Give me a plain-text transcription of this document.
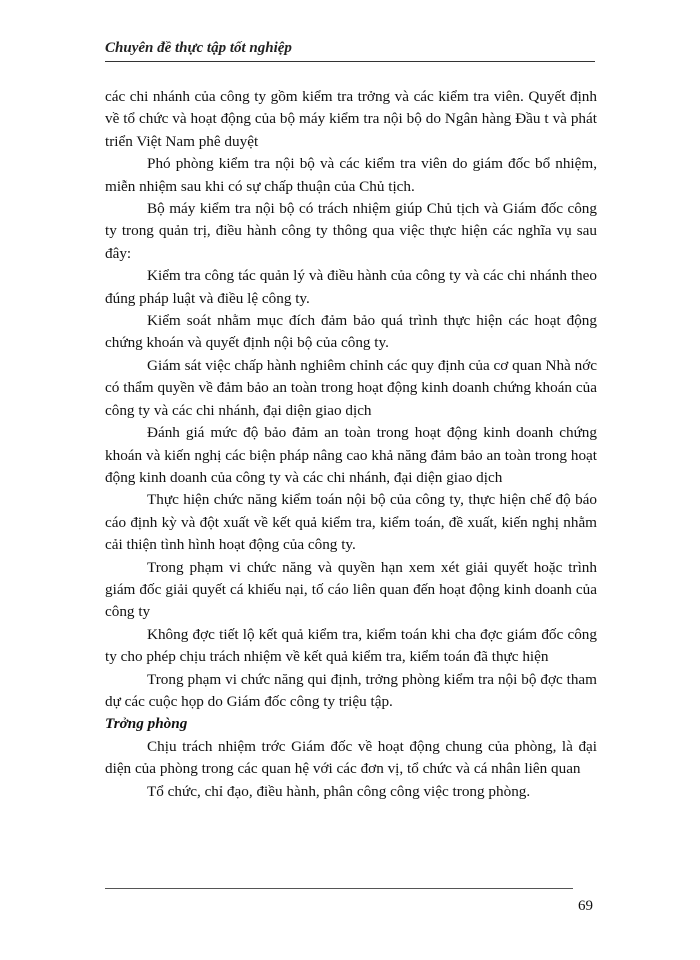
Chuyên đề thực tập tốt nghiệp

các chi nhánh của công ty gồm kiểm tra trởng và các kiểm tra viên. Quyết định về tổ chức và hoạt động của bộ máy kiểm tra nội bộ do Ngân hàng Đầu t và phát triển Việt Nam phê duyệt

Phó phòng kiểm tra nội bộ và các kiểm tra viên do giám đốc bổ nhiệm, miễn nhiệm sau khi có sự chấp thuận của Chủ tịch.

Bộ máy kiểm tra nội bộ có trách nhiệm giúp Chủ tịch và Giám đốc công ty trong quản trị, điều hành công ty thông qua việc thực hiện các nghĩa vụ sau đây:

Kiểm tra công tác quản lý và điều hành của công ty và các chi nhánh theo đúng pháp luật và điều lệ công ty.

Kiểm soát nhằm mục đích đảm bảo quá trình thực hiện các hoạt động chứng khoán và quyết định nội bộ của công ty.

Giám sát việc chấp hành nghiêm chỉnh các quy định của cơ quan Nhà nớc có thẩm quyền về đảm bảo an toàn trong hoạt động kinh doanh chứng khoán của công ty và các chi nhánh, đại diện giao dịch

Đánh giá mức độ bảo đảm an toàn trong hoạt động kinh doanh chứng khoán và kiến nghị các biện pháp nâng cao khả năng đảm bảo an toàn trong hoạt động kinh doanh của công ty và các chi nhánh, đại diện giao dịch

Thực hiện chức năng kiểm toán nội bộ của công ty, thực hiện chế độ báo cáo định kỳ và đột xuất về kết quả kiểm tra, kiểm toán, đề xuất, kiến nghị nhằm cải thiện tình hình hoạt động của công ty.

Trong phạm vi chức năng và quyền hạn xem xét giải quyết hoặc trình giám đốc giải quyết cá khiếu nại, tố cáo liên quan đến hoạt động kinh doanh của công ty

Không đợc tiết lộ kết quả kiểm tra, kiểm toán khi cha đợc giám đốc công ty cho phép chịu trách nhiệm về kết quả kiểm tra, kiểm toán đã thực hiện

Trong phạm vi chức năng qui định, trởng phòng kiểm tra nội bộ đợc tham dự các cuộc họp do Giám đốc công ty triệu tập.

Trởng phòng

Chịu trách nhiệm trớc Giám đốc về hoạt động chung của phòng, là đại diện của phòng trong các quan hệ với các đơn vị, tổ chức và cá nhân liên quan

Tổ chức, chỉ đạo, điều hành, phân công công việc trong phòng.

69
